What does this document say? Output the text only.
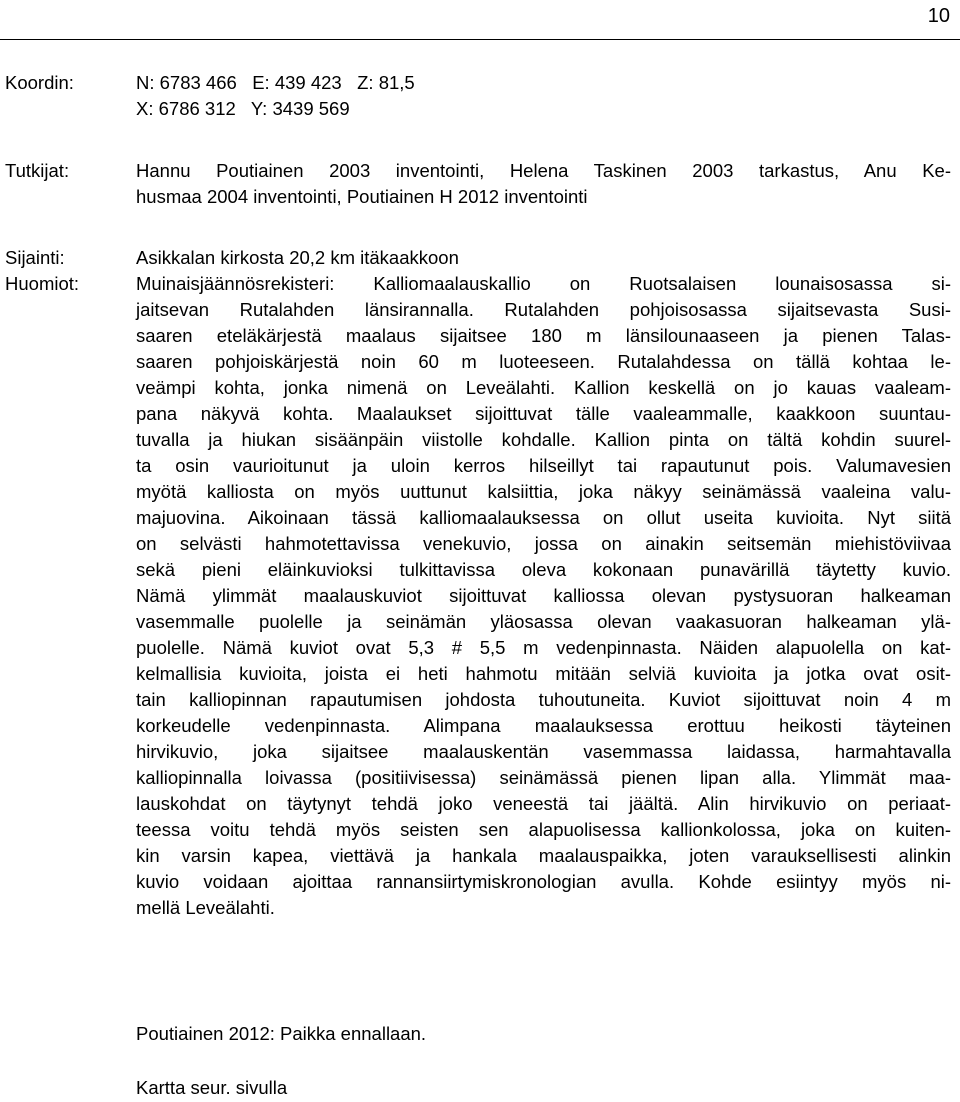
10
Koordin:
Tutkijat:
Sijainti:
Huomiot:
N: 6783 466   E: 439 423   Z: 81,5
X: 6786 312   Y: 3439 569
Hannu Poutiainen 2003 inventointi, Helena Taskinen 2003 tarkastus, Anu Ke-
husmaa 2004 inventointi, Poutiainen H 2012 inventointi
Asikkalan kirkosta 20,2 km itäkaakkoon
Muinaisjäännösrekisteri: Kalliomaalauskallio on Ruotsalaisen lounaisosassa si-
jaitsevan Rutalahden länsirannalla. Rutalahden pohjoisosassa sijaitsevasta Susi-
saaren eteläkärjestä maalaus sijaitsee 180 m länsilounaaseen ja pienen Talas-
saaren pohjoiskärjestä noin 60 m luoteeseen. Rutalahdessa on tällä kohtaa le-
veämpi kohta, jonka nimenä on Leveälahti. Kallion keskellä on jo kauas vaaleam-
pana näkyvä kohta. Maalaukset sijoittuvat tälle vaaleammalle, kaakkoon suuntau-
tuvalla ja hiukan sisäänpäin viistolle kohdalle. Kallion pinta on tältä kohdin suurel-
ta osin vaurioitunut ja uloin kerros hilseillyt tai rapautunut pois. Valumavesien
myötä kalliosta on myös uuttunut kalsiittia, joka näkyy seinämässä vaaleina valu-
majuovina. Aikoinaan tässä kalliomaalauksessa on ollut useita kuvioita. Nyt siitä
on selvästi hahmotettavissa venekuvio, jossa on ainakin seitsemän miehistöviivaa
sekä pieni eläinkuvioksi tulkittavissa oleva kokonaan punavärillä täytetty kuvio.
Nämä ylimmät maalauskuviot sijoittuvat kalliossa olevan pystysuoran halkeaman
vasemmalle puolelle ja seinämän yläosassa olevan vaakasuoran halkeaman ylä-
puolelle. Nämä kuviot ovat 5,3 # 5,5 m vedenpinnasta. Näiden alapuolella on kat-
kelmallisia kuvioita, joista ei heti hahmotu mitään selviä kuvioita ja jotka ovat osit-
tain kalliopinnan rapautumisen johdosta tuhoutuneita. Kuviot sijoittuvat noin 4 m
korkeudelle vedenpinnasta. Alimpana maalauksessa erottuu heikosti täyteinen
hirvikuvio, joka sijaitsee maalauskentän vasemmassa laidassa, harmahtavalla
kalliopinnalla loivassa (positiivisessa) seinämässä pienen lipan alla. Ylimmät maa-
lauskohdat on täytynyt tehdä joko veneestä tai jäältä. Alin hirvikuvio on periaat-
teessa voitu tehdä myös seisten sen alapuolisessa kallionkolossa, joka on kuiten-
kin varsin kapea, viettävä ja hankala maalauspaikka, joten varauksellisesti alinkin
kuvio voidaan ajoittaa rannansiirtymiskronologian avulla. Kohde esiintyy myös ni-
mellä Leveälahti.
Poutiainen 2012: Paikka ennallaan.
Kartta seur. sivulla
